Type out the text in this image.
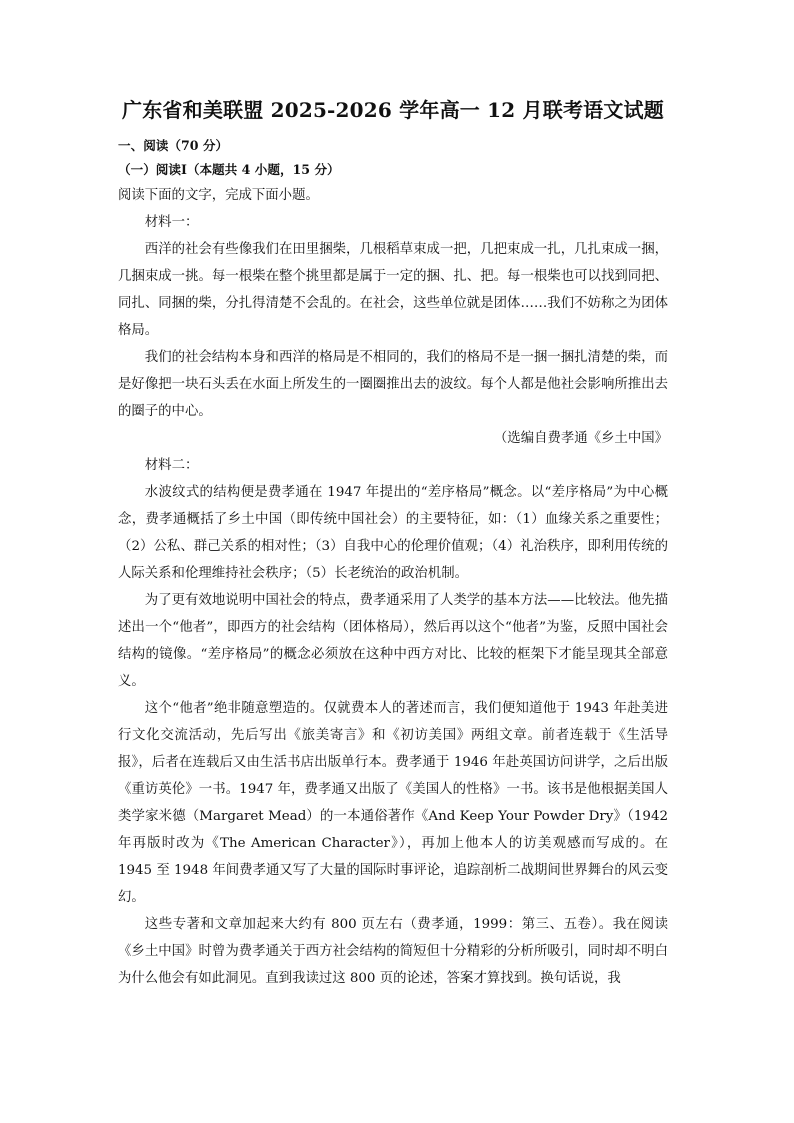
广东省和美联盟 2025-2026 学年高一 12 月联考语文试题
一、阅读（70 分）
（一）阅读Ⅰ（本题共 4 小题，15 分）
阅读下面的文字，完成下面小题。
材料一：

西洋的社会有些像我们在田里捆柴，几根稻草束成一把，几把束成一扎，几扎束成一捆，几捆束成一挑。每一根柴在整个挑里都是属于一定的捆、扎、把。每一根柴也可以找到同把、同扎、同捆的柴，分扎得清楚不会乱的。在社会，这些单位就是团体……我们不妨称之为团体格局。

我们的社会结构本身和西洋的格局是不相同的，我们的格局不是一捆一捆扎清楚的柴，而是好像把一块石头丢在水面上所发生的一圈圈推出去的波纹。每个人都是他社会影响所推出去的圈子的中心。

（选编自费孝通《乡土中国》
材料二：

水波纹式的结构便是费孝通在 1947 年提出的“差序格局”概念。以“差序格局”为中心概念，费孝通概括了乡土中国（即传统中国社会）的主要特征，如：（1）血缘关系之重要性；（2）公私、群己关系的相对性；（3）自我中心的伦理价值观；（4）礼治秩序，即利用传统的人际关系和伦理维持社会秩序；（5）长老统治的政治机制。

为了更有效地说明中国社会的特点，费孝通采用了人类学的基本方法——比较法。他先描述出一个“他者”，即西方的社会结构（团体格局），然后再以这个“他者”为鉴，反照中国社会结构的镜像。“差序格局”的概念必须放在这种中西方对比、比较的框架下才能呈现其全部意义。

这个“他者”绝非随意塑造的。仅就费本人的著述而言，我们便知道他于 1943 年赴美进行文化交流活动，先后写出《旅美寄言》和《初访美国》两组文章。前者连载于《生活导报》，后者在连载后又由生活书店出版单行本。费孝通于 1946 年赴英国访问讲学，之后出版《重访英伦》一书。1947 年，费孝通又出版了《美国人的性格》一书。该书是他根据美国人类学家米德（Margaret Mead）的一本通俗著作《And Keep Your Powder Dry》（1942 年再版时改为《The American Character》），再加上他本人的访美观感而写成的。在 1945 至 1948 年间费孝通又写了大量的国际时事评论，追踪剖析二战期间世界舞台的风云变幻。

这些专著和文章加起来大约有 800 页左右（费孝通，1999：第三、五卷）。我在阅读《乡土中国》时曾为费孝通关于西方社会结构的简短但十分精彩的分析所吸引，同时却不明白为什么他会有如此洞见。直到我读过这 800 页的论述，答案才算找到。换句话说，我
